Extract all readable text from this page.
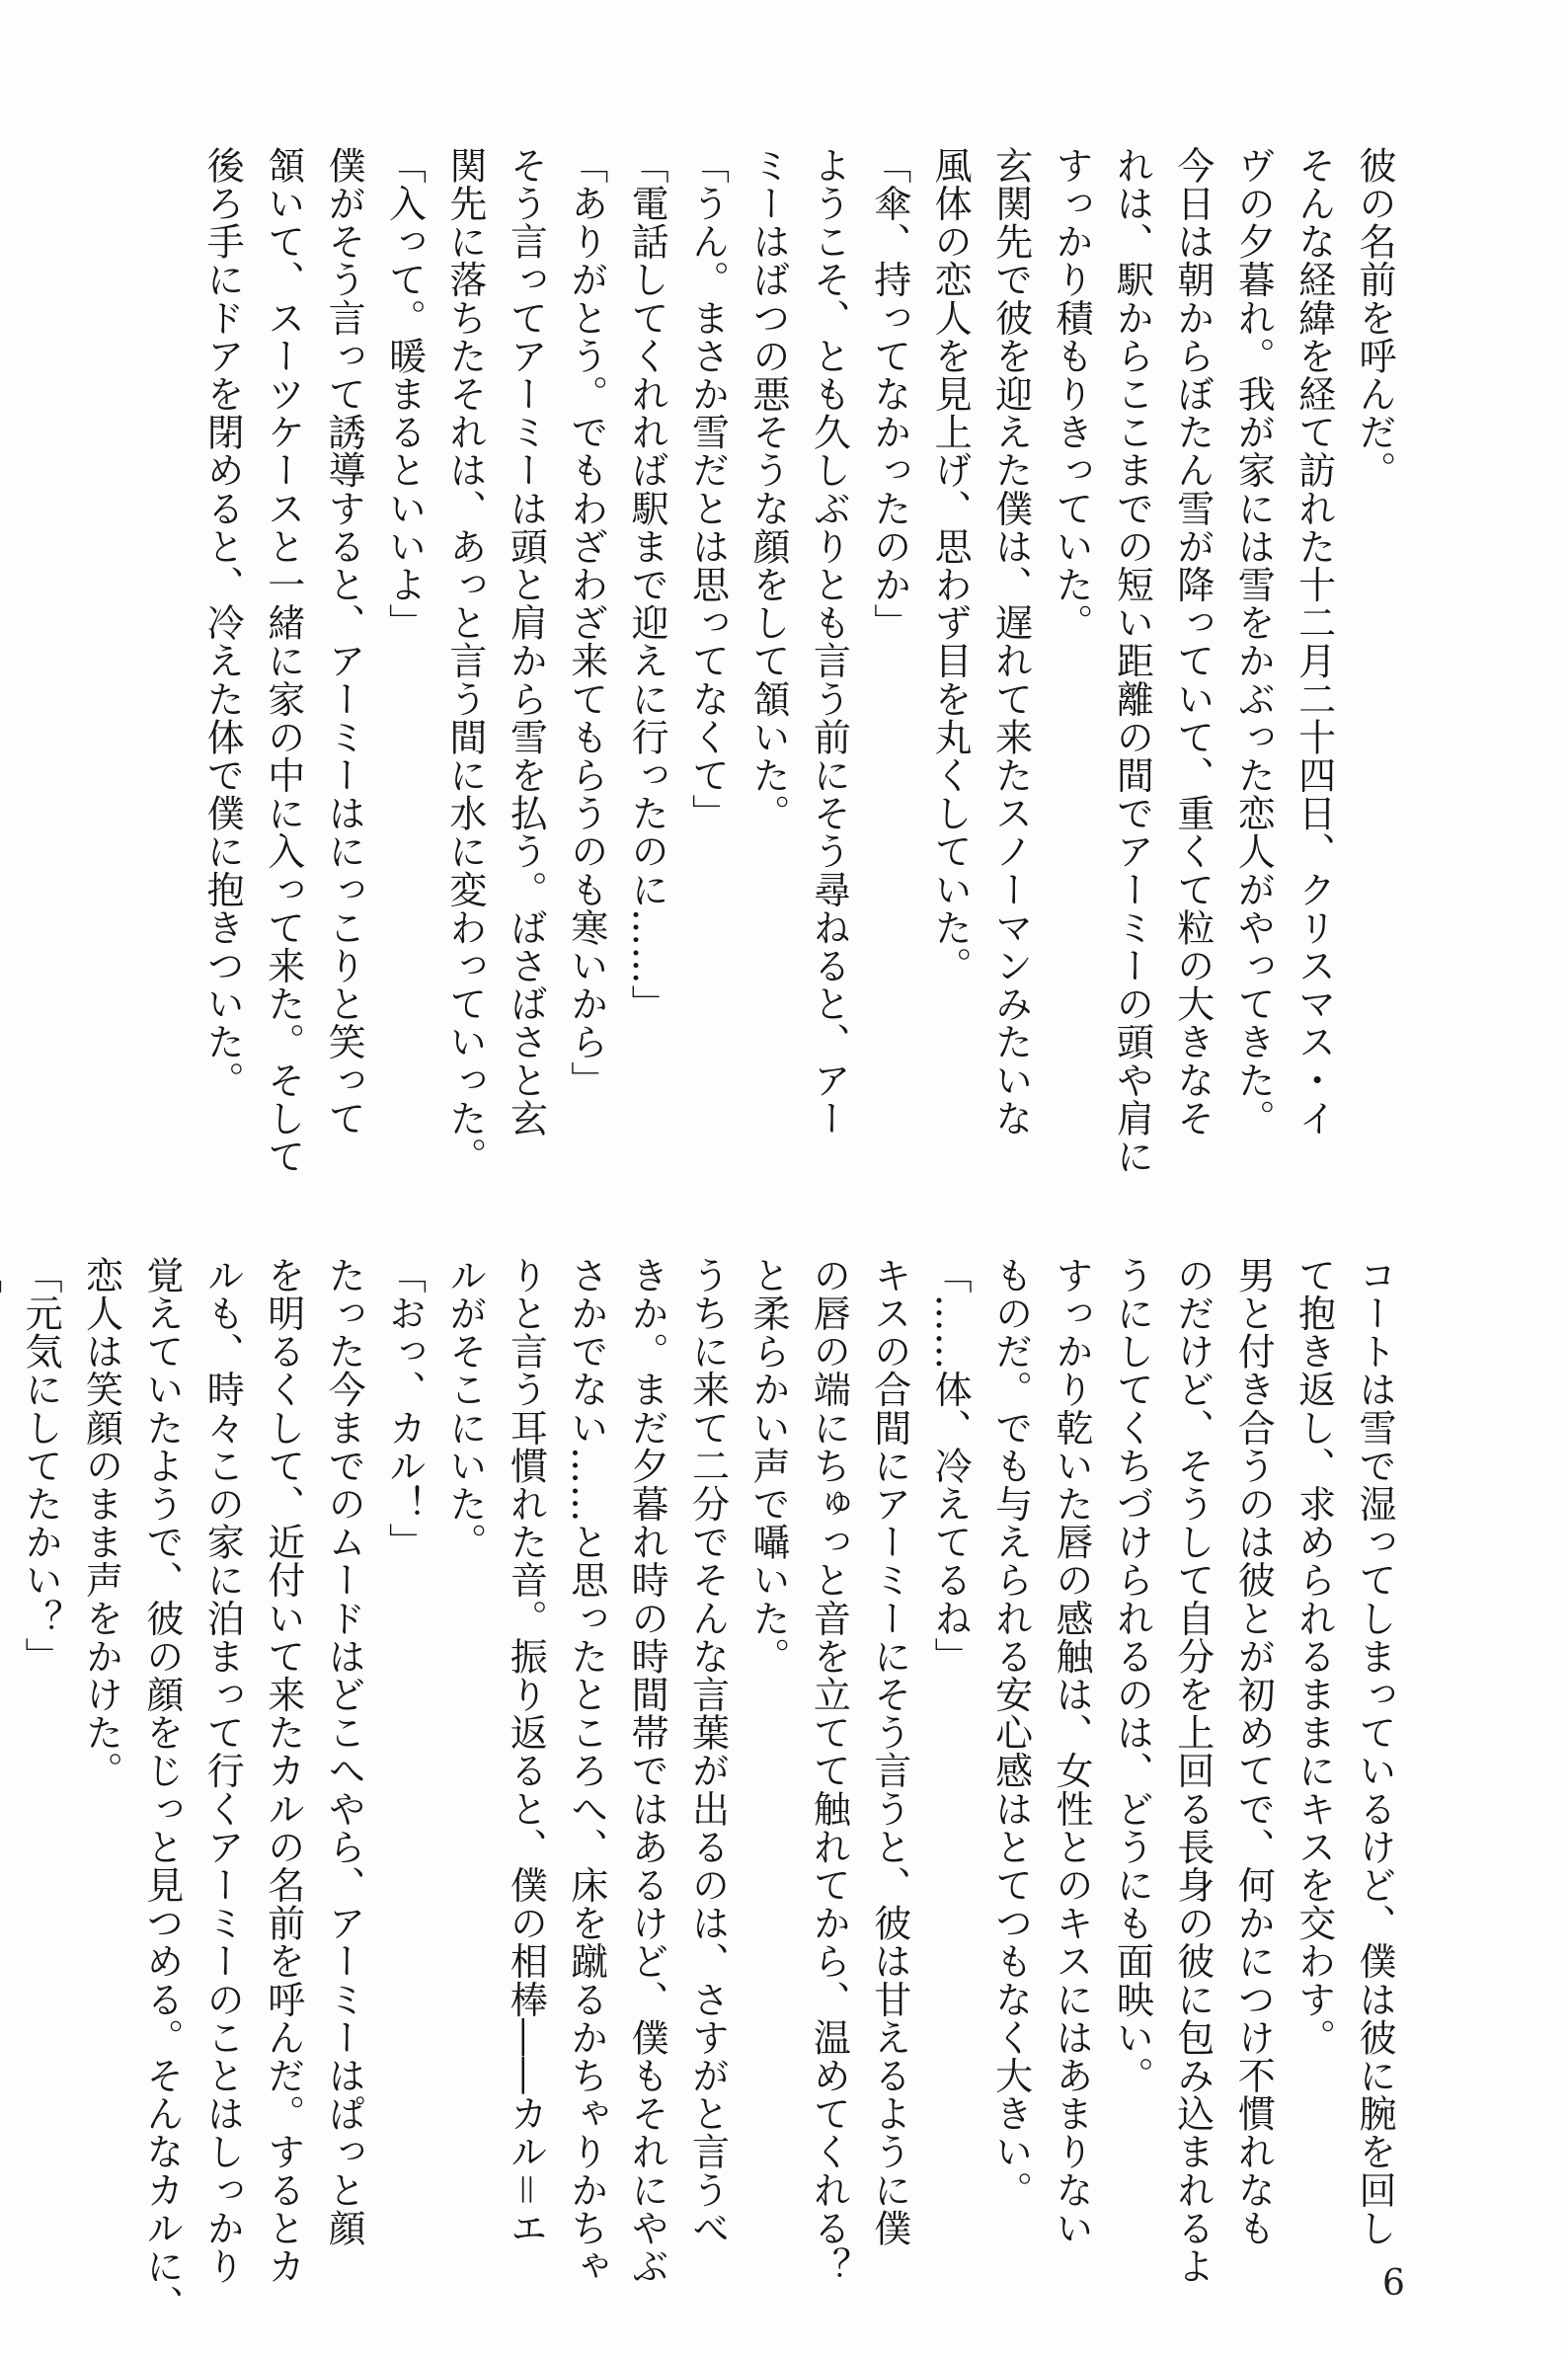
彼の名前を呼んだ。
そんな経緯を経て訪れた十二月二十四日、クリスマス・イ
ヴの夕暮れ。我が家には雪をかぶった恋人がやってきた。
今日は朝からぼたん雪が降っていて、重くて粒の大きなそ
れは、駅からここまでの短い距離の間でアーミーの頭や肩に
すっかり積もりきっていた。
玄関先で彼を迎えた僕は、遅れて来たスノーマンみたいな
風体の恋人を見上げ、思わず目を丸くしていた。
「傘、持ってなかったのか」
ようこそ、とも久しぶりとも言う前にそう尋ねると、アー
ミーはばつの悪そうな顔をして頷いた。
「うん。まさか雪だとは思ってなくて」
「電話してくれれば駅まで迎えに行ったのに……」
「ありがとう。でもわざわざ来てもらうのも寒いから」
そう言ってアーミーは頭と肩から雪を払う。ばさばさと玄
関先に落ちたそれは、あっと言う間に水に変わっていった。
「入って。暖まるといいよ」
僕がそう言って誘導すると、アーミーはにっこりと笑って
頷いて、スーツケースと一緒に家の中に入って来た。そして
後ろ手にドアを閉めると、冷えた体で僕に抱きついた。
コートは雪で湿ってしまっているけど、僕は彼に腕を回し
て抱き返し、求められるままにキスを交わす。
男と付き合うのは彼とが初めてで、何かにつけ不慣れなも
のだけど、そうして自分を上回る長身の彼に包み込まれるよ
うにしてくちづけられるのは、どうにも面映い。
すっかり乾いた唇の感触は、女性とのキスにはあまりない
ものだ。でも与えられる安心感はとてつもなく大きい。
「……体、冷えてるね」
キスの合間にアーミーにそう言うと、彼は甘えるように僕
の唇の端にちゅっと音を立てて触れてから、温めてくれる？
と柔らかい声で囁いた。
うちに来て二分でそんな言葉が出るのは、さすがと言うべ
きか。まだ夕暮れ時の時間帯ではあるけど、僕もそれにやぶ
さかでない……と思ったところへ、床を蹴るかちゃりかちゃ
りと言う耳慣れた音。振り返ると、僕の相棒――カル＝エ
ルがそこにいた。
「おっ、カル！」
たった今までのムードはどこへやら、アーミーはぱっと顔
を明るくして、近付いて来たカルの名前を呼んだ。するとカ
ルも、時々この家に泊まって行くアーミーのことはしっかり
覚えていたようで、彼の顔をじっと見つめる。そんなカルに、
恋人は笑顔のまま声をかけた。
「元気にしてたかい？」
6
